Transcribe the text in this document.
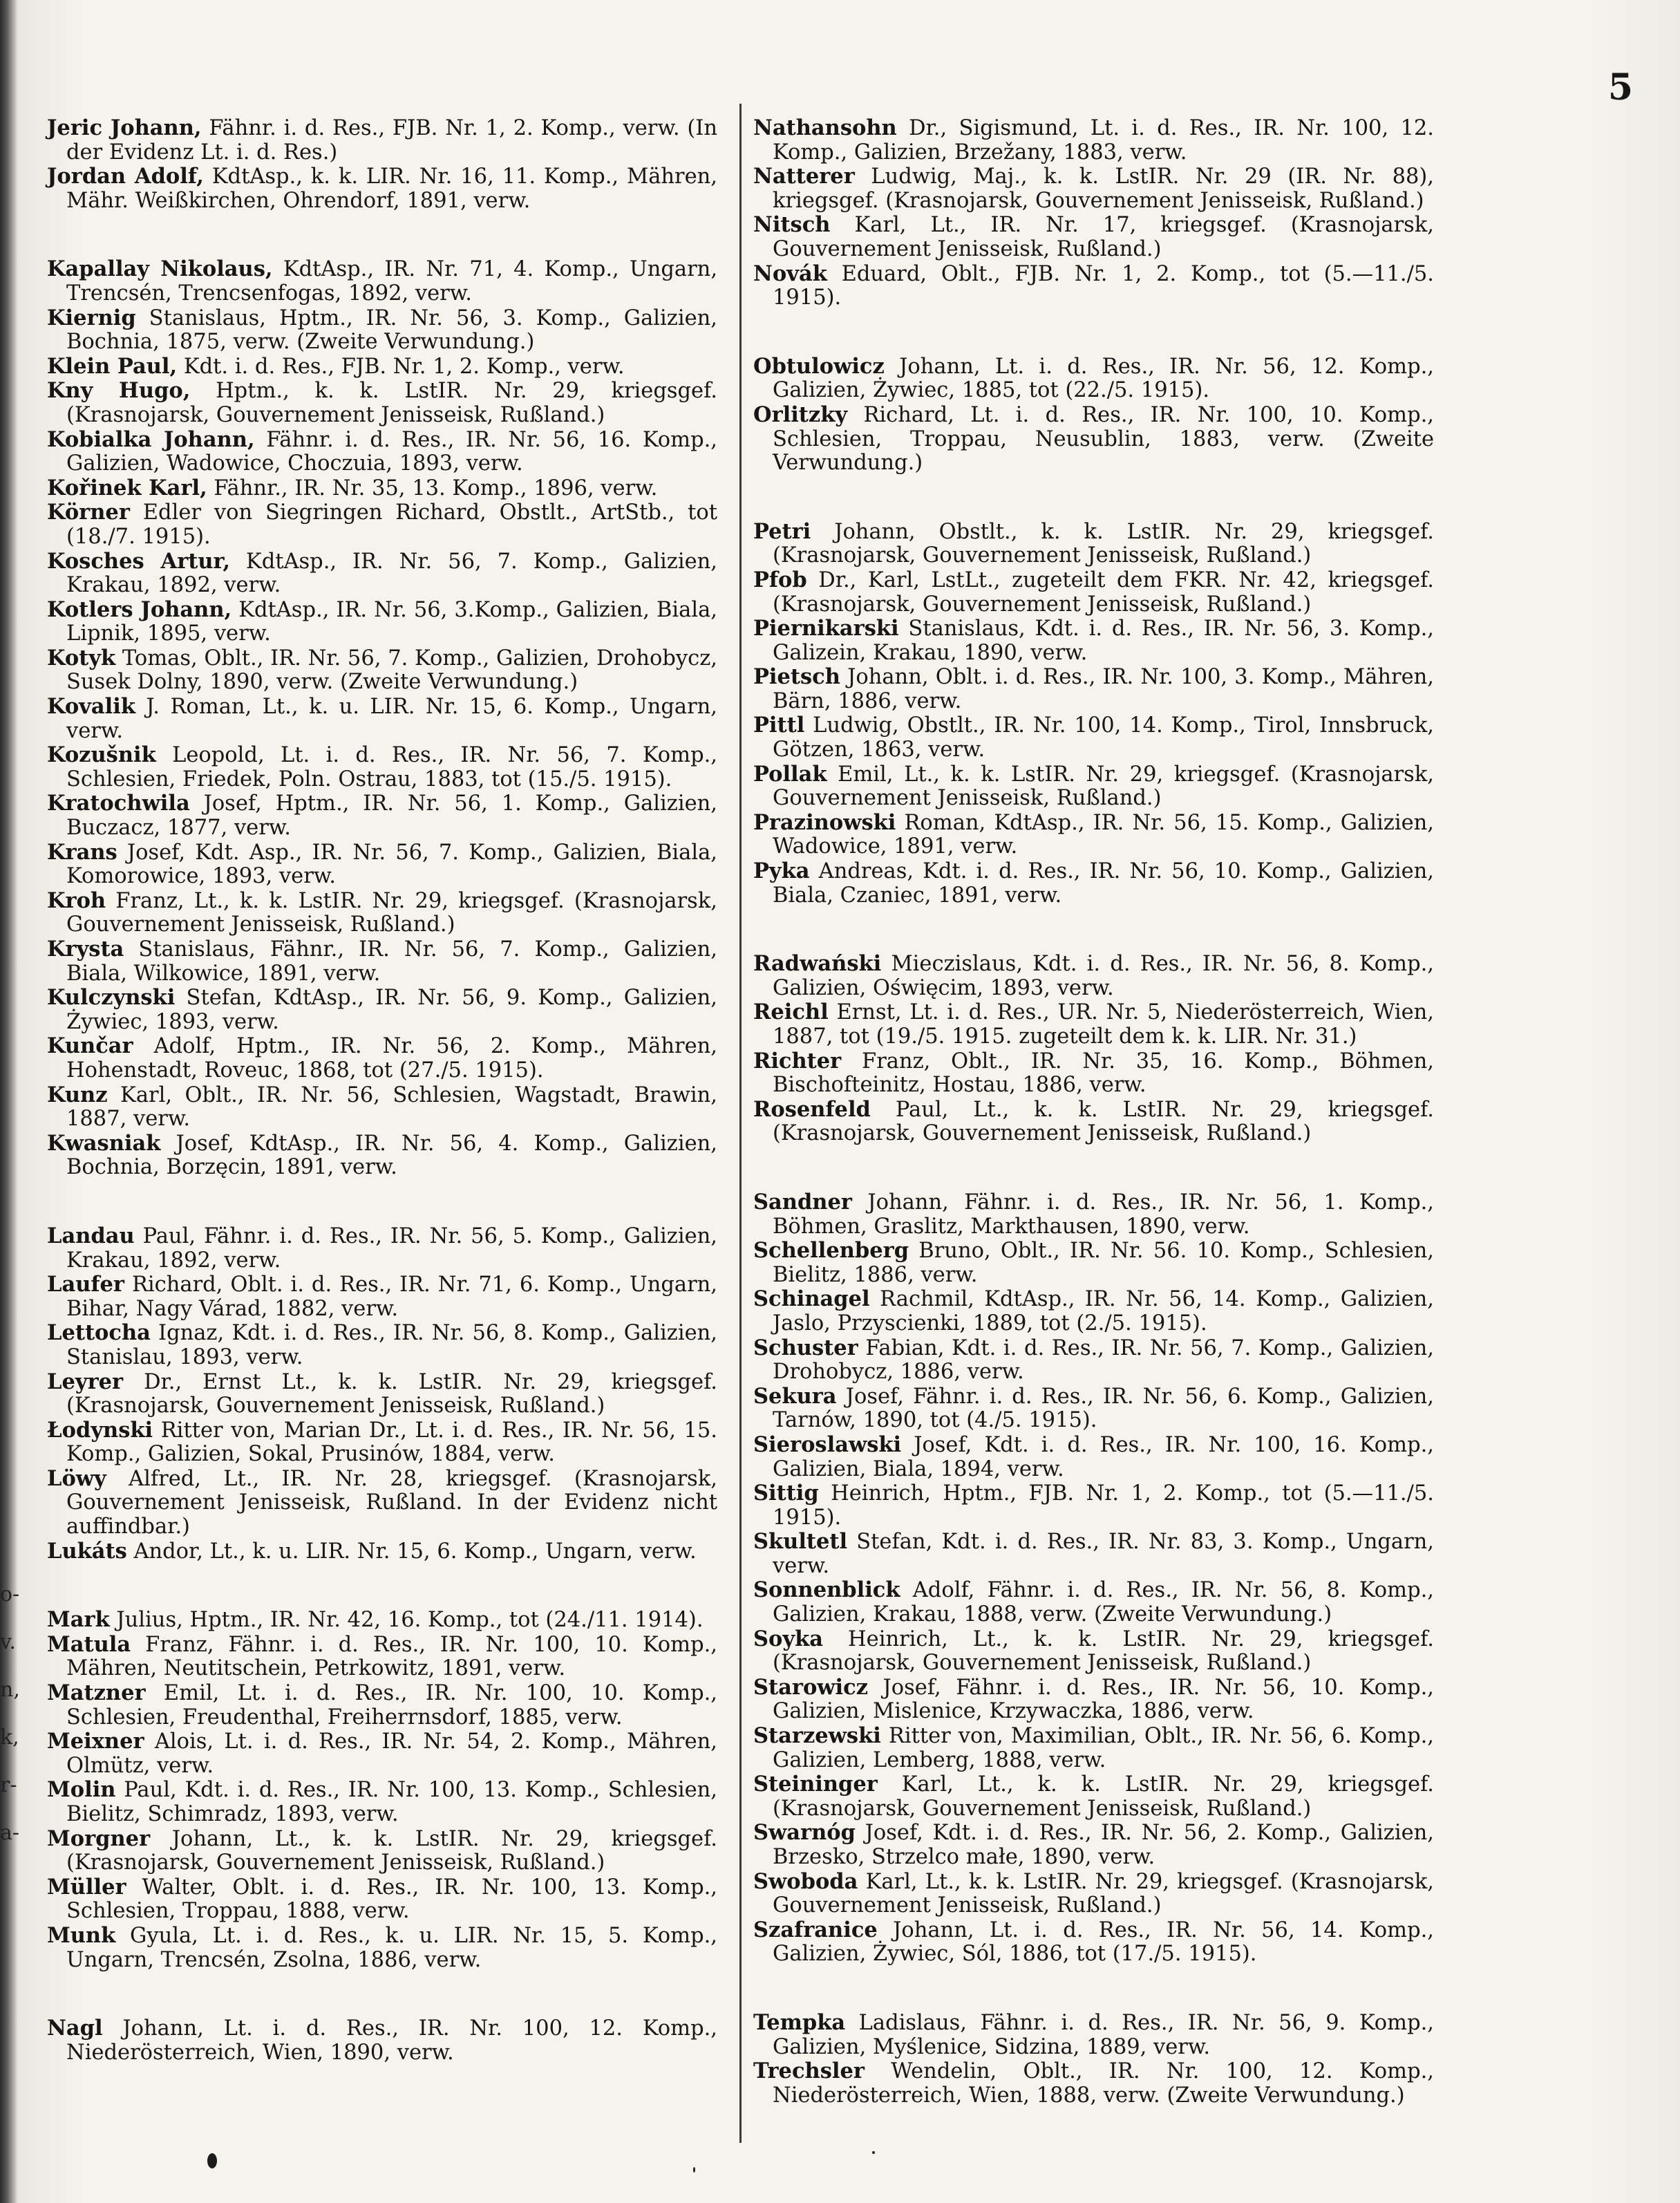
5

Jeric Johann, Fähnr. i. d. Res., FJB. Nr. 1, 2. Komp., verw. (In der Evidenz Lt. i. d. Res.)

Jordan Adolf, KdtAsp., k. k. LIR. Nr. 16, 11. Komp., Mähren, Mähr. Weißkirchen, Ohrendorf, 1891, verw.

Kapallay Nikolaus, KdtAsp., IR. Nr. 71, 4. Komp., Ungarn, Trencsén, Trencsenfogas, 1892, verw.

Kiernig Stanislaus, Hptm., IR. Nr. 56, 3. Komp., Galizien, Bochnia, 1875, verw. (Zweite Verwundung.)

Klein Paul, Kdt. i. d. Res., FJB. Nr. 1, 2. Komp., verw.

Kny Hugo, Hptm., k. k. LstIR. Nr. 29, kriegsgef. (Krasnojarsk, Gouvernement Jenisseisk, Rußland.)

Kobialka Johann, Fähnr. i. d. Res., IR. Nr. 56, 16. Komp., Galizien, Wadowice, Choczuia, 1893, verw.

Kořinek Karl, Fähnr., IR. Nr. 35, 13. Komp., 1896, verw.

Körner Edler von Siegringen Richard, Obstlt., ArtStb., tot (18./7. 1915).

Kosches Artur, KdtAsp., IR. Nr. 56, 7. Komp., Galizien, Krakau, 1892, verw.

Kotlers Johann, KdtAsp., IR. Nr. 56, 3.Komp., Galizien, Biala, Lipnik, 1895, verw.

Kotyk Tomas, Oblt., IR. Nr. 56, 7. Komp., Galizien, Drohobycz, Susek Dolny, 1890, verw. (Zweite Verwundung.)

Kovalik J. Roman, Lt., k. u. LIR. Nr. 15, 6. Komp., Ungarn, verw.

Kozušnik Leopold, Lt. i. d. Res., IR. Nr. 56, 7. Komp., Schlesien, Friedek, Poln. Ostrau, 1883, tot (15./5. 1915).

Kratochwila Josef, Hptm., IR. Nr. 56, 1. Komp., Galizien, Buczacz, 1877, verw.

Krans Josef, Kdt. Asp., IR. Nr. 56, 7. Komp., Galizien, Biala, Komorowice, 1893, verw.

Kroh Franz, Lt., k. k. LstIR. Nr. 29, kriegsgef. (Krasnojarsk, Gouvernement Jenisseisk, Rußland.)

Krysta Stanislaus, Fähnr., IR. Nr. 56, 7. Komp., Galizien, Biala, Wilkowice, 1891, verw.

Kulczynski Stefan, KdtAsp., IR. Nr. 56, 9. Komp., Galizien, Żywiec, 1893, verw.

Kunčar Adolf, Hptm., IR. Nr. 56, 2. Komp., Mähren, Hohenstadt, Roveuc, 1868, tot (27./5. 1915).

Kunz Karl, Oblt., IR. Nr. 56, Schlesien, Wagstadt, Brawin, 1887, verw.

Kwasniak Josef, KdtAsp., IR. Nr. 56, 4. Komp., Galizien, Bochnia, Borzęcin, 1891, verw.

Landau Paul, Fähnr. i. d. Res., IR. Nr. 56, 5. Komp., Galizien, Krakau, 1892, verw.

Laufer Richard, Oblt. i. d. Res., IR. Nr. 71, 6. Komp., Ungarn, Bihar, Nagy Várad, 1882, verw.

Lettocha Ignaz, Kdt. i. d. Res., IR. Nr. 56, 8. Komp., Galizien, Stanislau, 1893, verw.

Leyrer Dr., Ernst Lt., k. k. LstIR. Nr. 29, kriegsgef. (Krasnojarsk, Gouvernement Jenisseisk, Rußland.)

Łodynski Ritter von, Marian Dr., Lt. i. d. Res., IR. Nr. 56, 15. Komp., Galizien, Sokal, Prusinów, 1884, verw.

Löwy Alfred, Lt., IR. Nr. 28, kriegsgef. (Krasnojarsk, Gouvernement Jenisseisk, Rußland. In der Evidenz nicht auffindbar.)

Lukáts Andor, Lt., k. u. LIR. Nr. 15, 6. Komp., Ungarn, verw.

Mark Julius, Hptm., IR. Nr. 42, 16. Komp., tot (24./11. 1914).

Matula Franz, Fähnr. i. d. Res., IR. Nr. 100, 10. Komp., Mähren, Neutitschein, Petrkowitz, 1891, verw.

Matzner Emil, Lt. i. d. Res., IR. Nr. 100, 10. Komp., Schlesien, Freudenthal, Freiherrnsdorf, 1885, verw.

Meixner Alois, Lt. i. d. Res., IR. Nr. 54, 2. Komp., Mähren, Olmütz, verw.

Molin Paul, Kdt. i. d. Res., IR. Nr. 100, 13. Komp., Schlesien, Bielitz, Schimradz, 1893, verw.

Morgner Johann, Lt., k. k. LstIR. Nr. 29, kriegsgef. (Krasnojarsk, Gouvernement Jenisseisk, Rußland.)

Müller Walter, Oblt. i. d. Res., IR. Nr. 100, 13. Komp., Schlesien, Troppau, 1888, verw.

Munk Gyula, Lt. i. d. Res., k. u. LIR. Nr. 15, 5. Komp., Ungarn, Trencsén, Zsolna, 1886, verw.

Nagl Johann, Lt. i. d. Res., IR. Nr. 100, 12. Komp., Niederösterreich, Wien, 1890, verw.

Nathansohn Dr., Sigismund, Lt. i. d. Res., IR. Nr. 100, 12. Komp., Galizien, Brzežany, 1883, verw.

Natterer Ludwig, Maj., k. k. LstIR. Nr. 29 (IR. Nr. 88), kriegsgef. (Krasnojarsk, Gouvernement Jenisseisk, Rußland.)

Nitsch Karl, Lt., IR. Nr. 17, kriegsgef. (Krasnojarsk, Gouvernement Jenisseisk, Rußland.)

Novák Eduard, Oblt., FJB. Nr. 1, 2. Komp., tot (5.—11./5. 1915).

Obtulowicz Johann, Lt. i. d. Res., IR. Nr. 56, 12. Komp., Galizien, Żywiec, 1885, tot (22./5. 1915).

Orlitzky Richard, Lt. i. d. Res., IR. Nr. 100, 10. Komp., Schlesien, Troppau, Neusublin, 1883, verw. (Zweite Verwundung.)

Petri Johann, Obstlt., k. k. LstIR. Nr. 29, kriegsgef. (Krasnojarsk, Gouvernement Jenisseisk, Rußland.)

Pfob Dr., Karl, LstLt., zugeteilt dem FKR. Nr. 42, kriegsgef. (Krasnojarsk, Gouvernement Jenisseisk, Rußland.)

Piernikarski Stanislaus, Kdt. i. d. Res., IR. Nr. 56, 3. Komp., Galizein, Krakau, 1890, verw.

Pietsch Johann, Oblt. i. d. Res., IR. Nr. 100, 3. Komp., Mähren, Bärn, 1886, verw.

Pittl Ludwig, Obstlt., IR. Nr. 100, 14. Komp., Tirol, Innsbruck, Götzen, 1863, verw.

Pollak Emil, Lt., k. k. LstIR. Nr. 29, kriegsgef. (Krasnojarsk, Gouvernement Jenisseisk, Rußland.)

Prazinowski Roman, KdtAsp., IR. Nr. 56, 15. Komp., Galizien, Wadowice, 1891, verw.

Pyka Andreas, Kdt. i. d. Res., IR. Nr. 56, 10. Komp., Galizien, Biala, Czaniec, 1891, verw.

Radwański Mieczislaus, Kdt. i. d. Res., IR. Nr. 56, 8. Komp., Galizien, Oświęcim, 1893, verw.

Reichl Ernst, Lt. i. d. Res., UR. Nr. 5, Niederösterreich, Wien, 1887, tot (19./5. 1915. zugeteilt dem k. k. LIR. Nr. 31.)

Richter Franz, Oblt., IR. Nr. 35, 16. Komp., Böhmen, Bischofteinitz, Hostau, 1886, verw.

Rosenfeld Paul, Lt., k. k. LstIR. Nr. 29, kriegsgef. (Krasnojarsk, Gouvernement Jenisseisk, Rußland.)

Sandner Johann, Fähnr. i. d. Res., IR. Nr. 56, 1. Komp., Böhmen, Graslitz, Markthausen, 1890, verw.

Schellenberg Bruno, Oblt., IR. Nr. 56. 10. Komp., Schlesien, Bielitz, 1886, verw.

Schinagel Rachmil, KdtAsp., IR. Nr. 56, 14. Komp., Galizien, Jaslo, Przyscienki, 1889, tot (2./5. 1915).

Schuster Fabian, Kdt. i. d. Res., IR. Nr. 56, 7. Komp., Galizien, Drohobycz, 1886, verw.

Sekura Josef, Fähnr. i. d. Res., IR. Nr. 56, 6. Komp., Galizien, Tarnów, 1890, tot (4./5. 1915).

Sieroslawski Josef, Kdt. i. d. Res., IR. Nr. 100, 16. Komp., Galizien, Biala, 1894, verw.

Sittig Heinrich, Hptm., FJB. Nr. 1, 2. Komp., tot (5.—11./5. 1915).

Skultetl Stefan, Kdt. i. d. Res., IR. Nr. 83, 3. Komp., Ungarn, verw.

Sonnenblick Adolf, Fähnr. i. d. Res., IR. Nr. 56, 8. Komp., Galizien, Krakau, 1888, verw. (Zweite Verwundung.)

Soyka Heinrich, Lt., k. k. LstIR. Nr. 29, kriegsgef. (Krasnojarsk, Gouvernement Jenisseisk, Rußland.)

Starowicz Josef, Fähnr. i. d. Res., IR. Nr. 56, 10. Komp., Galizien, Mislenice, Krzywaczka, 1886, verw.

Starzewski Ritter von, Maximilian, Oblt., IR. Nr. 56, 6. Komp., Galizien, Lemberg, 1888, verw.

Steininger Karl, Lt., k. k. LstIR. Nr. 29, kriegsgef. (Krasnojarsk, Gouvernement Jenisseisk, Rußland.)

Swarnóg Josef, Kdt. i. d. Res., IR. Nr. 56, 2. Komp., Galizien, Brzesko, Strzelco małe, 1890, verw.

Swoboda Karl, Lt., k. k. LstIR. Nr. 29, kriegsgef. (Krasnojarsk, Gouvernement Jenisseisk, Rußland.)

Szafranice Johann, Lt. i. d. Res., IR. Nr. 56, 14. Komp., Galizien, Żywiec, Sól, 1886, tot (17./5. 1915).

Tempka Ladislaus, Fähnr. i. d. Res., IR. Nr. 56, 9. Komp., Galizien, Myślenice, Sidzina, 1889, verw.

Trechsler Wendelin, Oblt., IR. Nr. 100, 12. Komp., Niederösterreich, Wien, 1888, verw. (Zweite Verwundung.)

o-
v.
n,
k,
r-
a-
